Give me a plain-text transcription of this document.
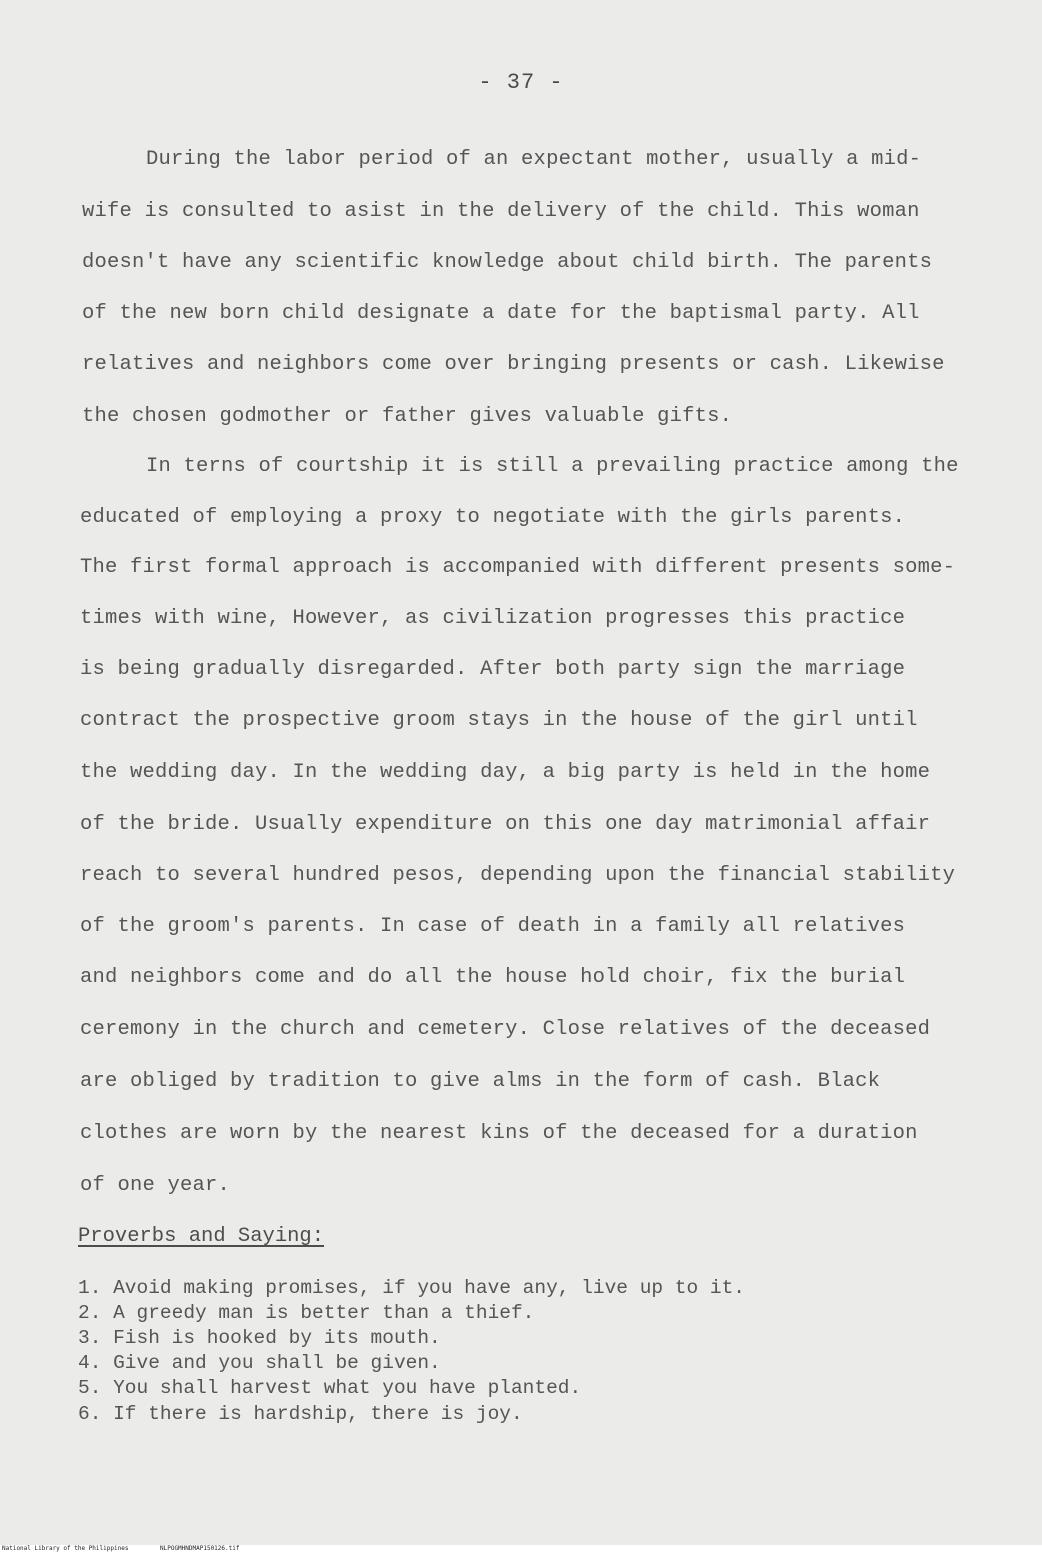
- 37 -
During the labor period of an expectant mother, usually a mid-
wife is consulted to asist in the delivery of the child. This woman
doesn't have any scientific knowledge about child birth. The parents
of the new born child designate a date for the baptismal party. All
relatives and neighbors come over bringing presents or cash. Likewise
the chosen godmother or father gives valuable gifts.
In terns of courtship it is still a prevailing practice among the
educated of employing a proxy to negotiate with the girls parents.
The first formal approach is accompanied with different presents some-
times with wine, However, as civilization progresses this practice
is being gradually disregarded. After both party sign the marriage
contract the prospective groom stays in the house of the girl until
the wedding day. In the wedding day, a big party is held in the home
of the bride. Usually expenditure on this one day matrimonial affair
reach to several hundred pesos, depending upon the financial stability
of the groom's parents. In case of death in a family all relatives
and neighbors come and do all the house hold choir, fix the burial
ceremony in the church and cemetery. Close relatives of the deceased
are obliged by tradition to give alms in the form of cash. Black
clothes are worn by the nearest kins of the deceased for a duration
of one year.
Proverbs and Saying:
1. Avoid making promises, if you have any, live up to it.
2. A greedy man is better than a thief.
3. Fish is hooked by its mouth.
4. Give and you shall be given.
5. You shall harvest what you have planted.
6. If there is hardship, there is joy.
National Library of the Philippines	NLPOGMHNDMAP150126.tif
